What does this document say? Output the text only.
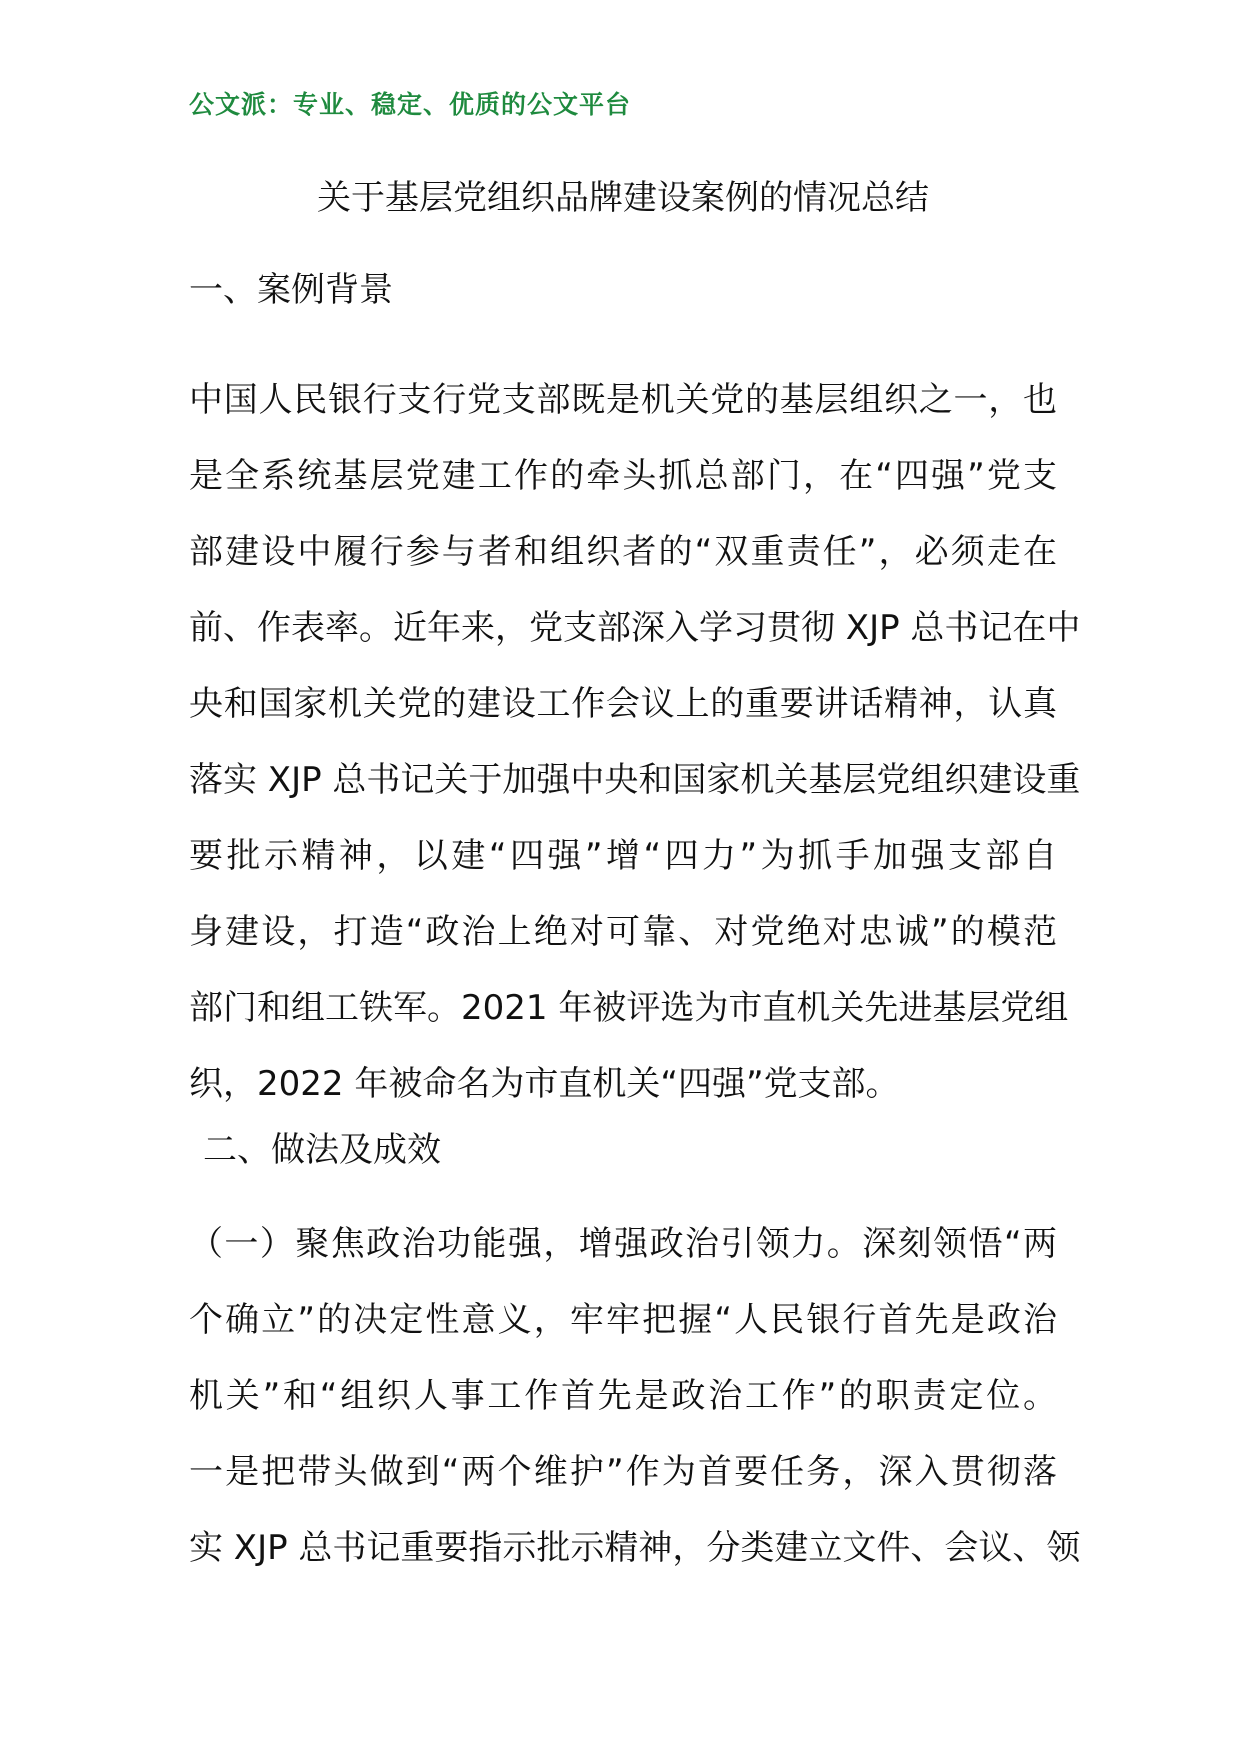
公文派：专业、稳定、优质的公文平台
关于基层党组织品牌建设案例的情况总结
一、案例背景
中国人民银行支行党支部既是机关党的基层组织之一，也
是全系统基层党建工作的牵头抓总部门，在“四强”党支
部建设中履行参与者和组织者的“双重责任”，必须走在
前、作表率。近年来，党支部深入学习贯彻 XJP 总书记在中
央和国家机关党的建设工作会议上的重要讲话精神，认真
落实 XJP 总书记关于加强中央和国家机关基层党组织建设重
要批示精神，以建“四强”增“四力”为抓手加强支部自
身建设，打造“政治上绝对可靠、对党绝对忠诚”的模范
部门和组工铁军。2021 年被评选为市直机关先进基层党组
织，2022 年被命名为市直机关“四强”党支部。
二、做法及成效
（一）聚焦政治功能强，增强政治引领力。深刻领悟“两
个确立”的决定性意义，牢牢把握“人民银行首先是政治
机关”和“组织人事工作首先是政治工作”的职责定位。
一是把带头做到“两个维护”作为首要任务，深入贯彻落
实 XJP 总书记重要指示批示精神，分类建立文件、会议、领
